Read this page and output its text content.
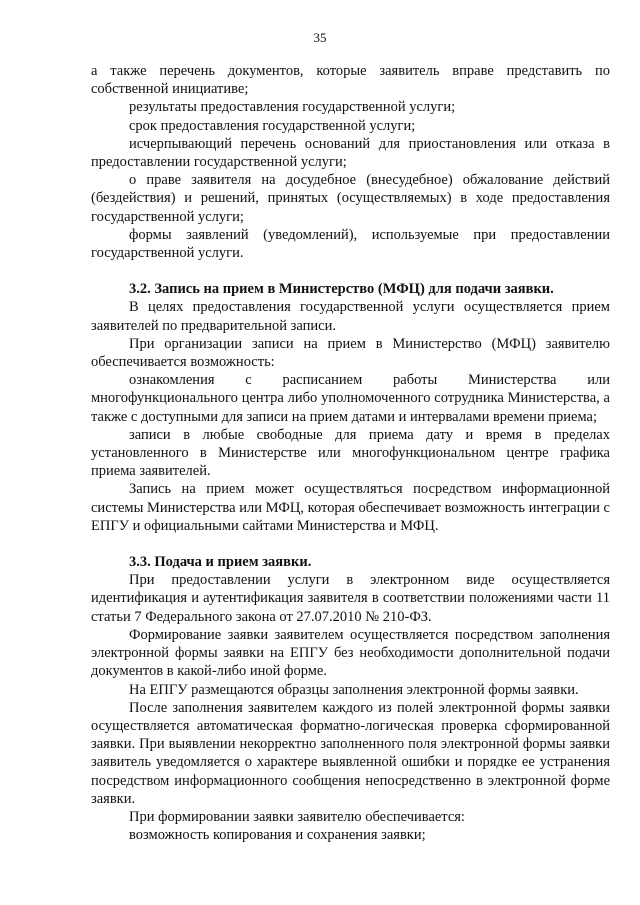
35

а также перечень документов, которые заявитель вправе представить по собственной инициативе;

результаты предоставления государственной услуги;

срок предоставления государственной услуги;

исчерпывающий перечень оснований для приостановления или отказа в предоставлении государственной услуги;

о праве заявителя на досудебное (внесудебное) обжалование действий (бездействия) и решений, принятых (осуществляемых) в ходе предоставления государственной услуги;

формы заявлений (уведомлений), используемые при предоставлении государственной услуги.

3.2. Запись на прием в Министерство (МФЦ) для подачи заявки.

В целях предоставления государственной услуги осуществляется прием заявителей по предварительной записи.

При организации записи на прием в Министерство (МФЦ) заявителю обеспечивается возможность:

ознакомления с расписанием работы Министерства или многофункционального центра либо уполномоченного сотрудника Министерства, а также с доступными для записи на прием датами и интервалами времени приема;

записи в любые свободные для приема дату и время в пределах установленного в Министерстве или многофункциональном центре графика приема заявителей.

Запись на прием может осуществляться посредством информационной системы Министерства или МФЦ, которая обеспечивает возможность интеграции с ЕПГУ и официальными сайтами Министерства и МФЦ.

3.3. Подача и прием заявки.

При предоставлении услуги в электронном виде осуществляется идентификация и аутентификация заявителя в соответствии положениями части 11 статьи 7 Федерального закона от 27.07.2010 № 210-ФЗ.

Формирование заявки заявителем осуществляется посредством заполнения электронной формы заявки на ЕПГУ без необходимости дополнительной подачи документов в какой-либо иной форме.

На ЕПГУ размещаются образцы заполнения электронной формы заявки.

После заполнения заявителем каждого из полей электронной формы заявки осуществляется автоматическая форматно-логическая проверка сформированной заявки. При выявлении некорректно заполненного поля электронной формы заявки заявитель уведомляется о характере выявленной ошибки и порядке ее устранения посредством информационного сообщения непосредственно в электронной форме заявки.

При формировании заявки заявителю обеспечивается:

возможность копирования и сохранения заявки;
